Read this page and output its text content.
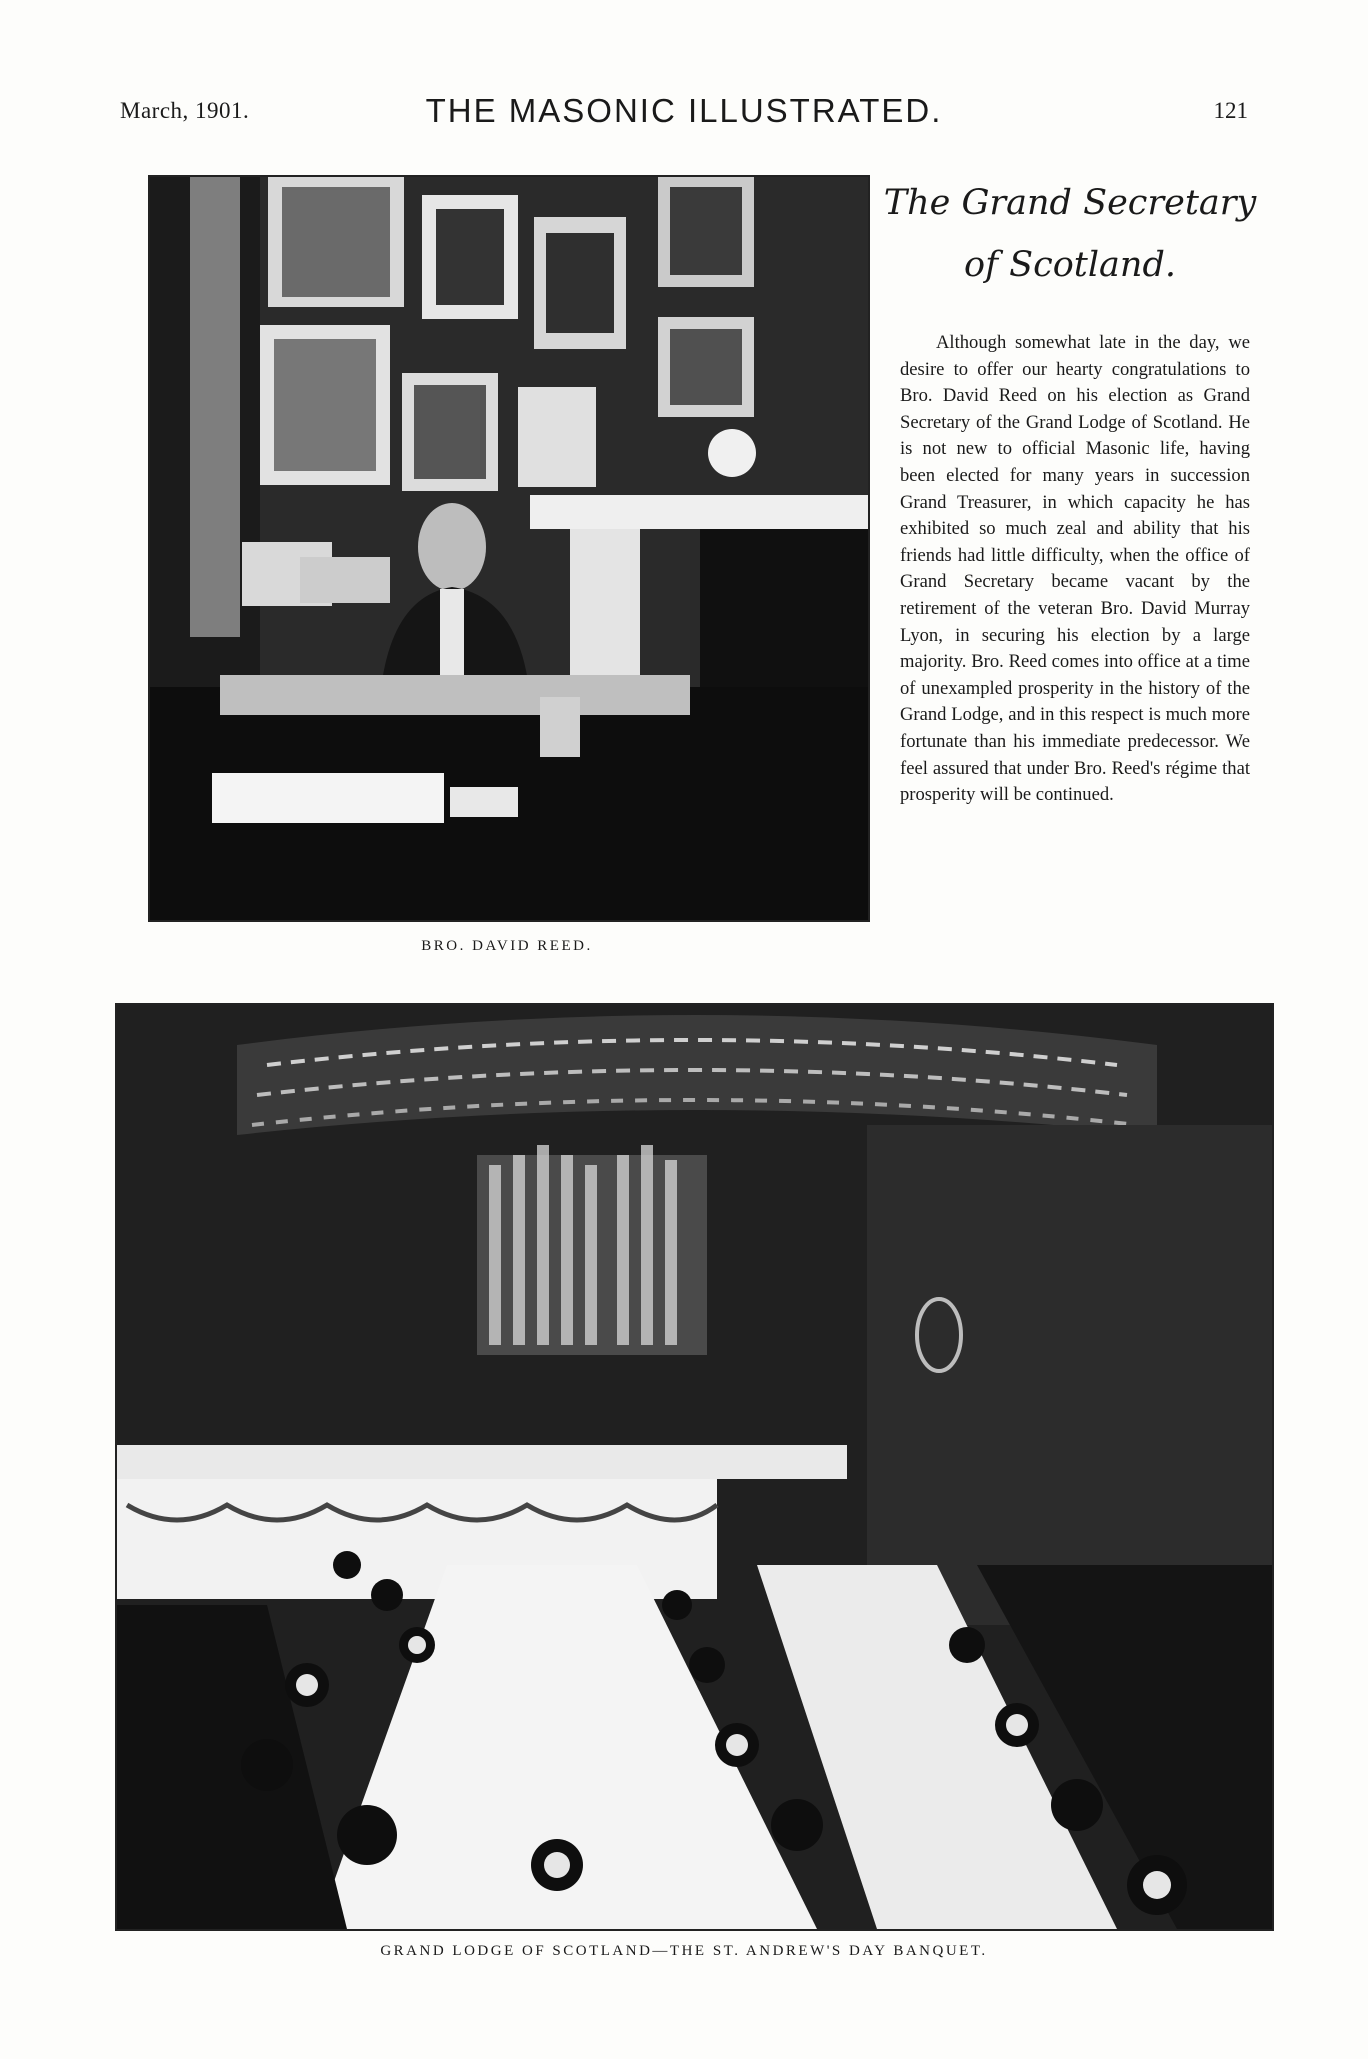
March, 1901.	THE MASONIC ILLUSTRATED.	121
BRO. DAVID REED.
The Grand Secretary
of Scotland.

Although somewhat late in the day, we desire to offer our hearty congratulations to Bro. David Reed on his election as Grand Secretary of the Grand Lodge of Scotland. He is not new to official Masonic life, having been elected for many years in succession Grand Treasurer, in which capacity he has exhibited so much zeal and ability that his friends had little difficulty, when the office of Grand Secretary became vacant by the retirement of the veteran Bro. David Murray Lyon, in securing his election by a large majority. Bro. Reed comes into office at a time of unexampled prosperity in the history of the Grand Lodge, and in this respect is much more fortunate than his immediate predecessor. We feel assured that under Bro. Reed's régime that prosperity will be continued.

GRAND LODGE OF SCOTLAND—THE ST. ANDREW'S DAY BANQUET.
